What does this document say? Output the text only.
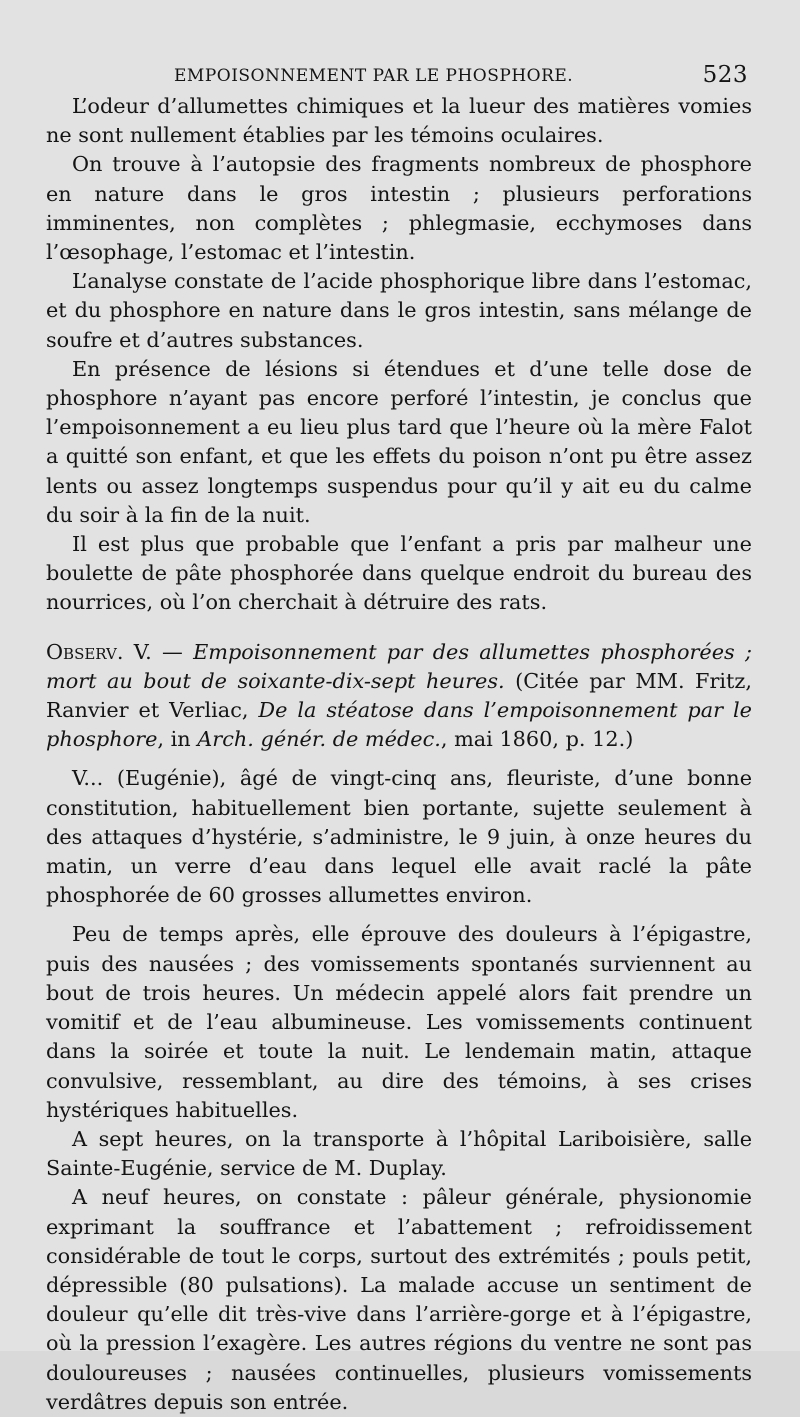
EMPOISONNEMENT PAR LE PHOSPHORE.	523

L’odeur d’allumettes chimiques et la lueur des matières vomies ne sont nullement établies par les témoins oculaires.

On trouve à l’autopsie des fragments nombreux de phosphore en nature dans le gros intestin ; plusieurs perforations imminentes, non complètes ; phlegmasie, ecchymoses dans l’œsophage, l’estomac et l’intestin.

L’analyse constate de l’acide phosphorique libre dans l’estomac, et du phosphore en nature dans le gros intestin, sans mélange de soufre et d’autres substances.

En présence de lésions si étendues et d’une telle dose de phosphore n’ayant pas encore perforé l’intestin, je conclus que l’empoisonnement a eu lieu plus tard que l’heure où la mère Falot a quitté son enfant, et que les effets du poison n’ont pu être assez lents ou assez longtemps suspendus pour qu’il y ait eu du calme du soir à la fin de la nuit.

Il est plus que probable que l’enfant a pris par malheur une boulette de pâte phosphorée dans quelque endroit du bureau des nourrices, où l’on cherchait à détruire des rats.

Observ. V. — Empoisonnement par des allumettes phosphorées ; mort au bout de soixante-dix-sept heures. (Citée par MM. Fritz, Ranvier et Verliac, De la stéatose dans l’empoisonnement par le phosphore, in Arch. génér. de médec., mai 1860, p. 12.)

V... (Eugénie), âgé de vingt-cinq ans, fleuriste, d’une bonne constitution, habituellement bien portante, sujette seulement à des attaques d’hystérie, s’administre, le 9 juin, à onze heures du matin, un verre d’eau dans lequel elle avait raclé la pâte phosphorée de 60 grosses allumettes environ.

Peu de temps après, elle éprouve des douleurs à l’épigastre, puis des nausées ; des vomissements spontanés surviennent au bout de trois heures. Un médecin appelé alors fait prendre un vomitif et de l’eau albumineuse. Les vomissements continuent dans la soirée et toute la nuit. Le lendemain matin, attaque convulsive, ressemblant, au dire des témoins, à ses crises hystériques habituelles.

A sept heures, on la transporte à l’hôpital Lariboisière, salle Sainte-Eugénie, service de M. Duplay.

A neuf heures, on constate : pâleur générale, physionomie exprimant la souffrance et l’abattement ; refroidissement considérable de tout le corps, surtout des extrémités ; pouls petit, dépressible (80 pulsations). La malade accuse un sentiment de douleur qu’elle dit très-vive dans l’arrière-gorge et à l’épigastre, où la pression l’exagère. Les autres régions du ventre ne sont pas douloureuses ; nausées continuelles, plusieurs vomissements verdâtres depuis son entrée.
